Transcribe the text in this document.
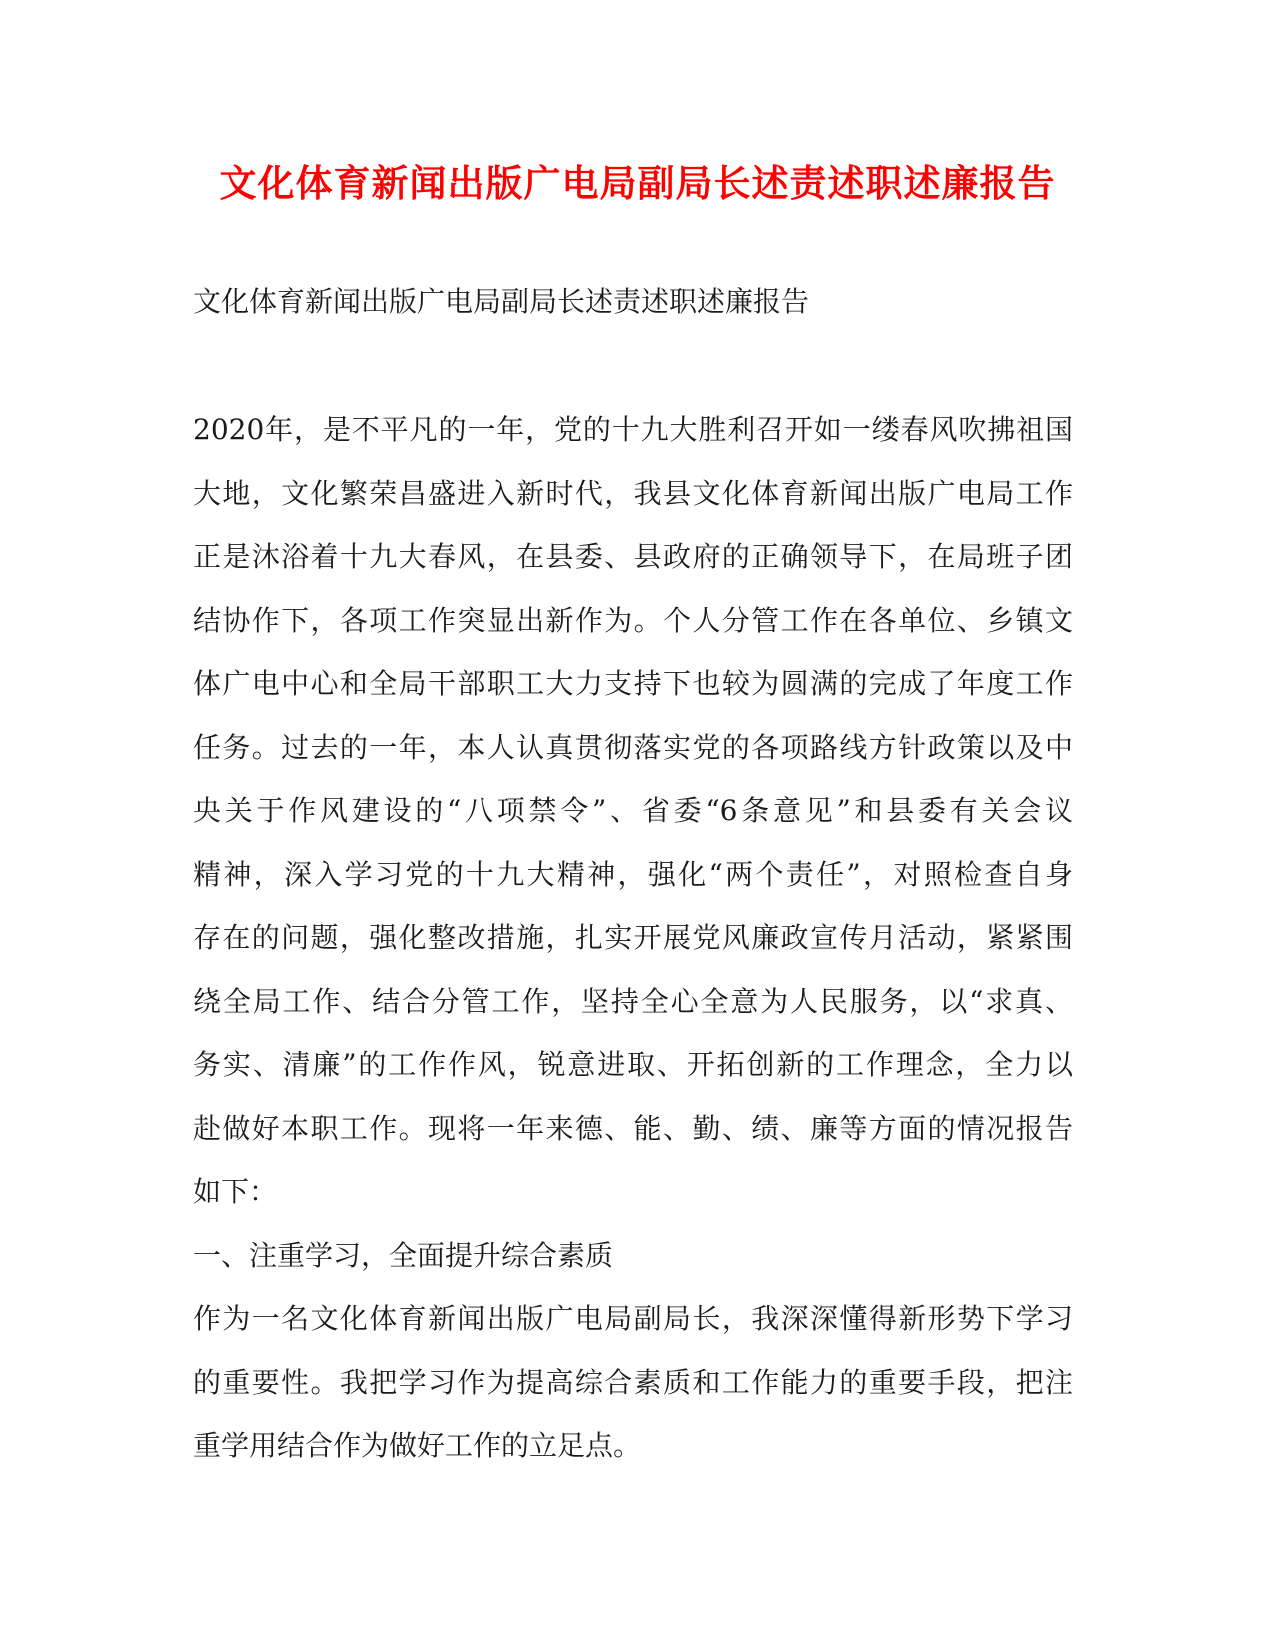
文化体育新闻出版广电局副局长述责述职述廉报告
文化体育新闻出版广电局副局长述责述职述廉报告
2020年，是不平凡的一年，党的十九大胜利召开如一缕春风吹拂祖国
大地，文化繁荣昌盛进入新时代，我县文化体育新闻出版广电局工作
正是沐浴着十九大春风，在县委、县政府的正确领导下，在局班子团
结协作下，各项工作突显出新作为。个人分管工作在各单位、乡镇文
体广电中心和全局干部职工大力支持下也较为圆满的完成了年度工作
任务。过去的一年，本人认真贯彻落实党的各项路线方针政策以及中
央关于作风建设的“八项禁令”、省委“6条意见”和县委有关会议
精神，深入学习党的十九大精神，强化“两个责任”，对照检查自身
存在的问题，强化整改措施，扎实开展党风廉政宣传月活动，紧紧围
绕全局工作、结合分管工作，坚持全心全意为人民服务，以“求真、
务实、清廉”的工作作风，锐意进取、开拓创新的工作理念，全力以
赴做好本职工作。现将一年来德、能、勤、绩、廉等方面的情况报告
如下：
一、注重学习，全面提升综合素质
作为一名文化体育新闻出版广电局副局长，我深深懂得新形势下学习
的重要性。我把学习作为提高综合素质和工作能力的重要手段，把注
重学用结合作为做好工作的立足点。
